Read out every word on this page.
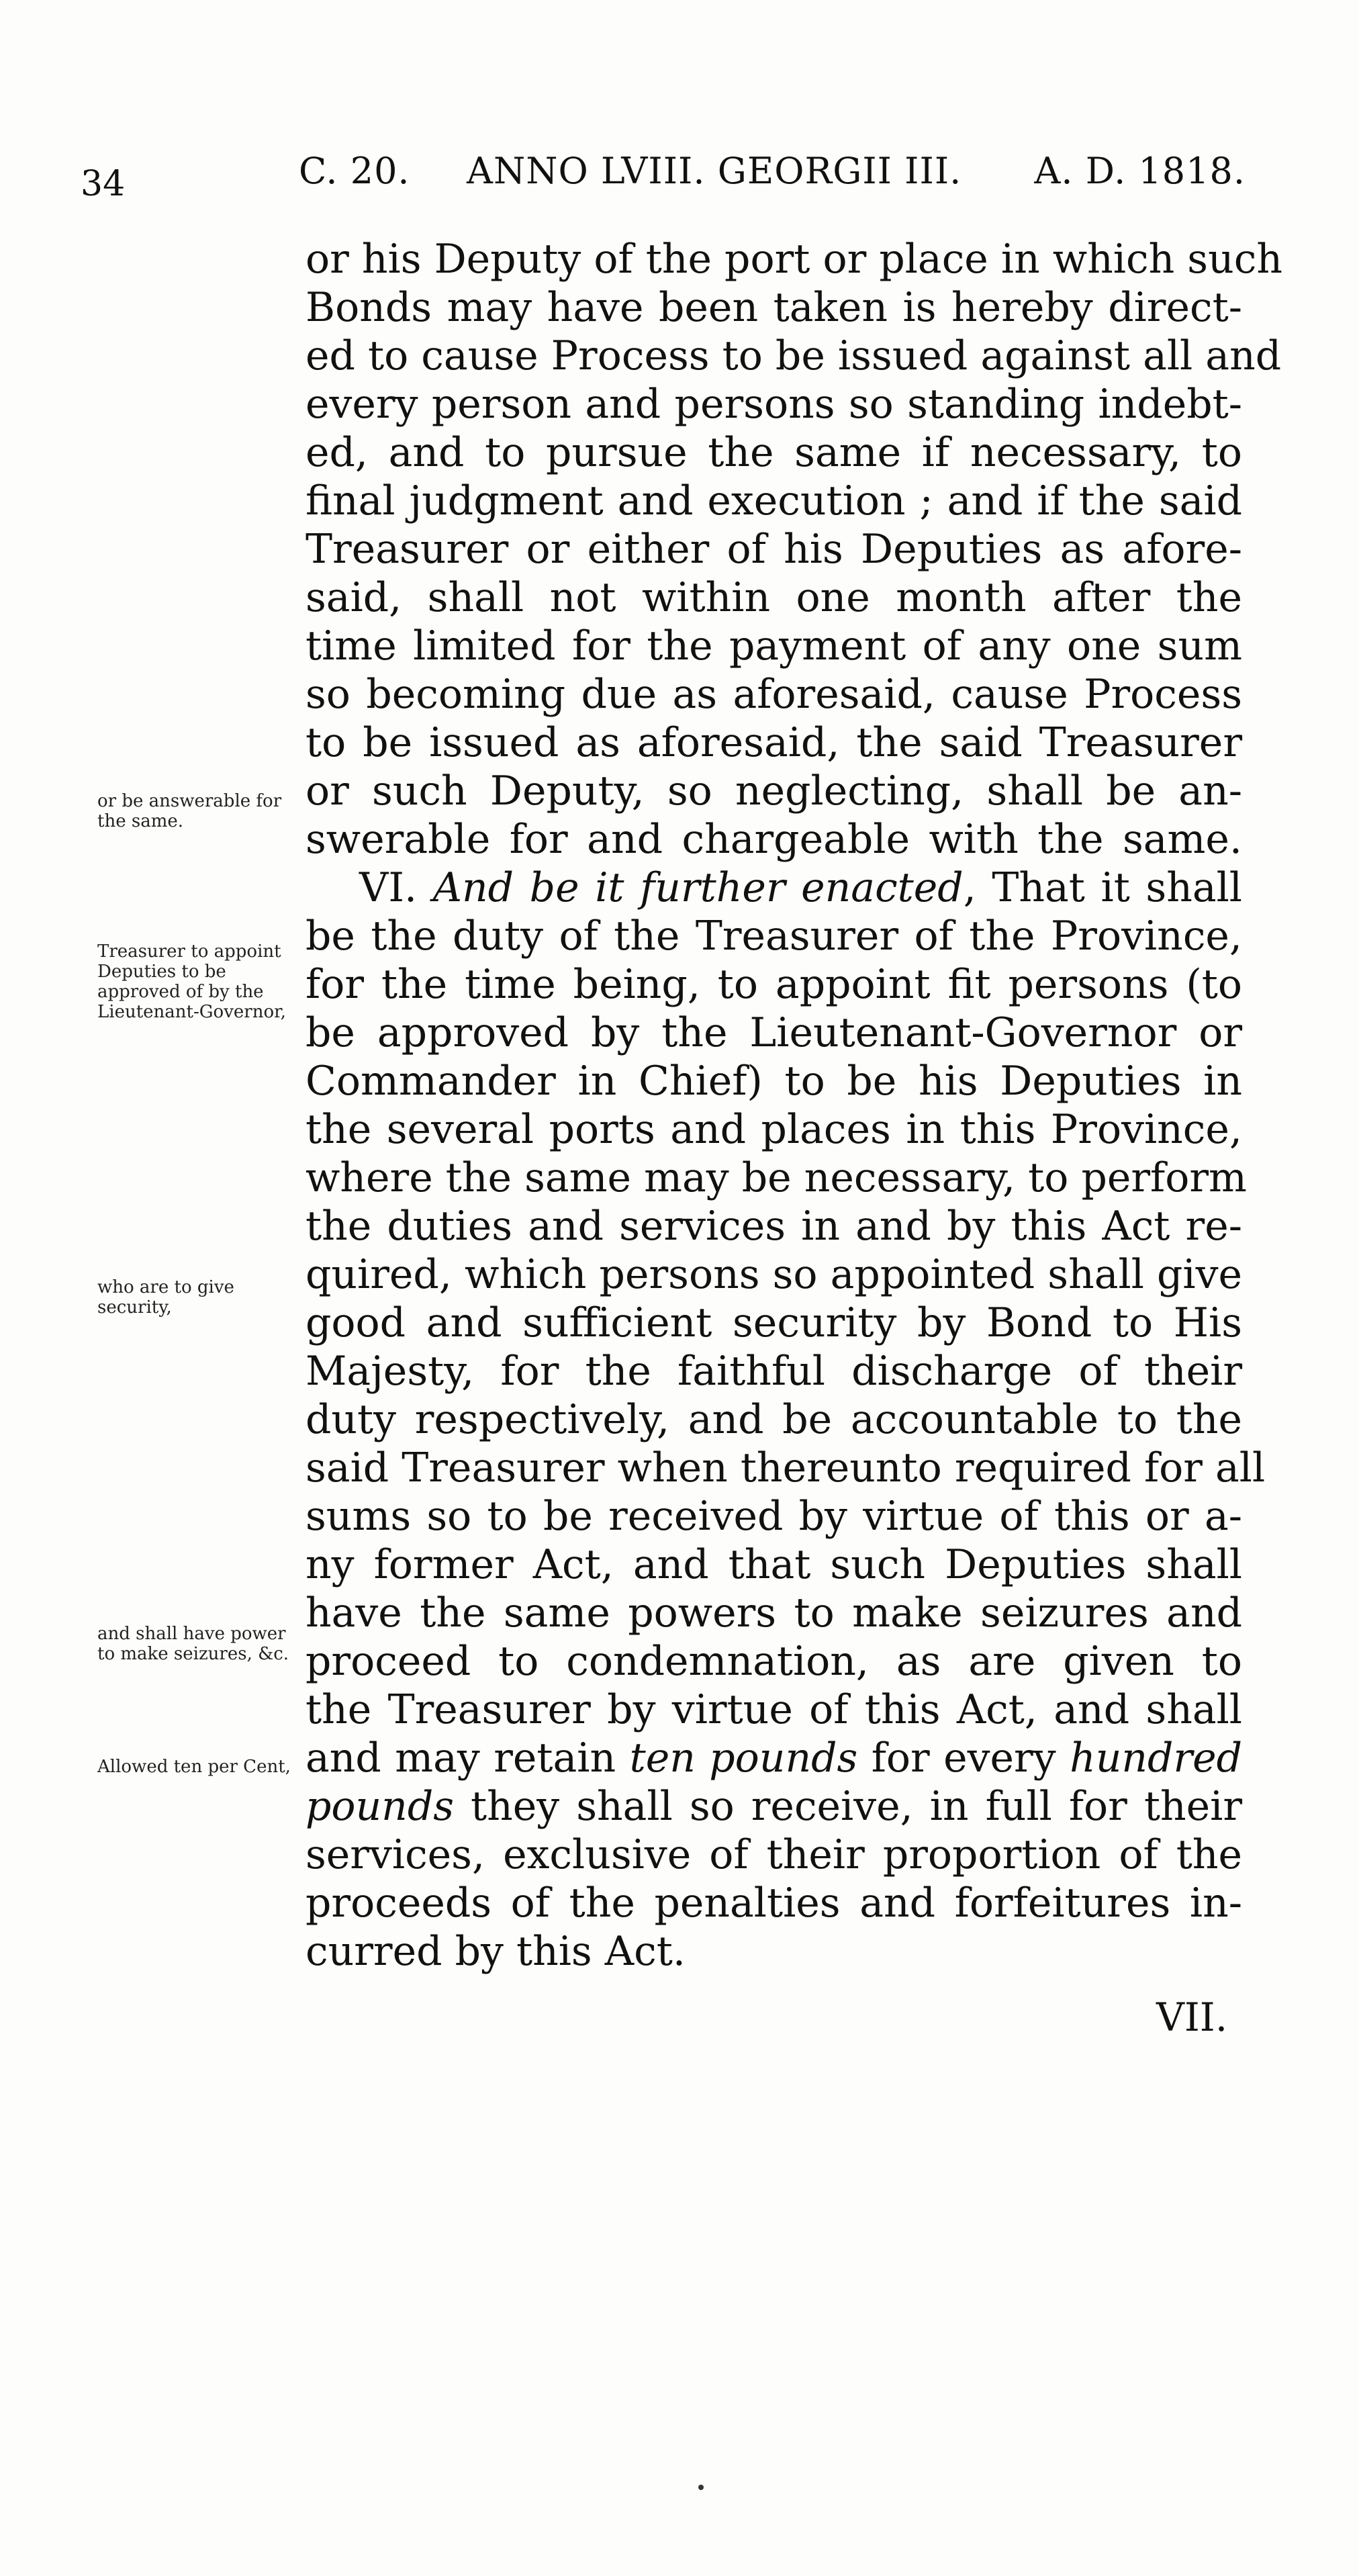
34	C. 20. ANNO LVIII. GEORGII III. A. D. 1818.
or his Deputy of the port or place in which such
Bonds may have been taken is hereby direct-
ed to cause Process to be issued against all and
every person and persons so standing indebt-
ed, and to pursue the same if necessary, to
final judgment and execution ; and if the said
Treasurer or either of his Deputies as afore-
said, shall not within one month after the
time limited for the payment of any one sum
so becoming due as aforesaid, cause Process
to be issued as aforesaid, the said Treasurer
or such Deputy, so neglecting, shall be an-
swerable for and chargeable with the same.
VI. And be it further enacted, That it shall
be the duty of the Treasurer of the Province,
for the time being, to appoint fit persons (to
be approved by the Lieutenant-Governor or
Commander in Chief) to be his Deputies in
the several ports and places in this Province,
where the same may be necessary, to perform
the duties and services in and by this Act re-
quired, which persons so appointed shall give
good and sufficient security by Bond to His
Majesty, for the faithful discharge of their
duty respectively, and be accountable to the
said Treasurer when thereunto required for all
sums so to be received by virtue of this or a-
ny former Act, and that such Deputies shall
have the same powers to make seizures and
proceed to condemnation, as are given to
the Treasurer by virtue of this Act, and shall
and may retain ten pounds for every hundred
pounds they shall so receive, in full for their
services, exclusive of their proportion of the
proceeds of the penalties and forfeitures in-
curred by this Act.
or be answerable for the same.
Treasurer to appoint Deputies to be approved of by the Lieutenant-Governor,
who are to give security,
and shall have power to make seizures, &c.
Allowed ten per Cent,
VII.
